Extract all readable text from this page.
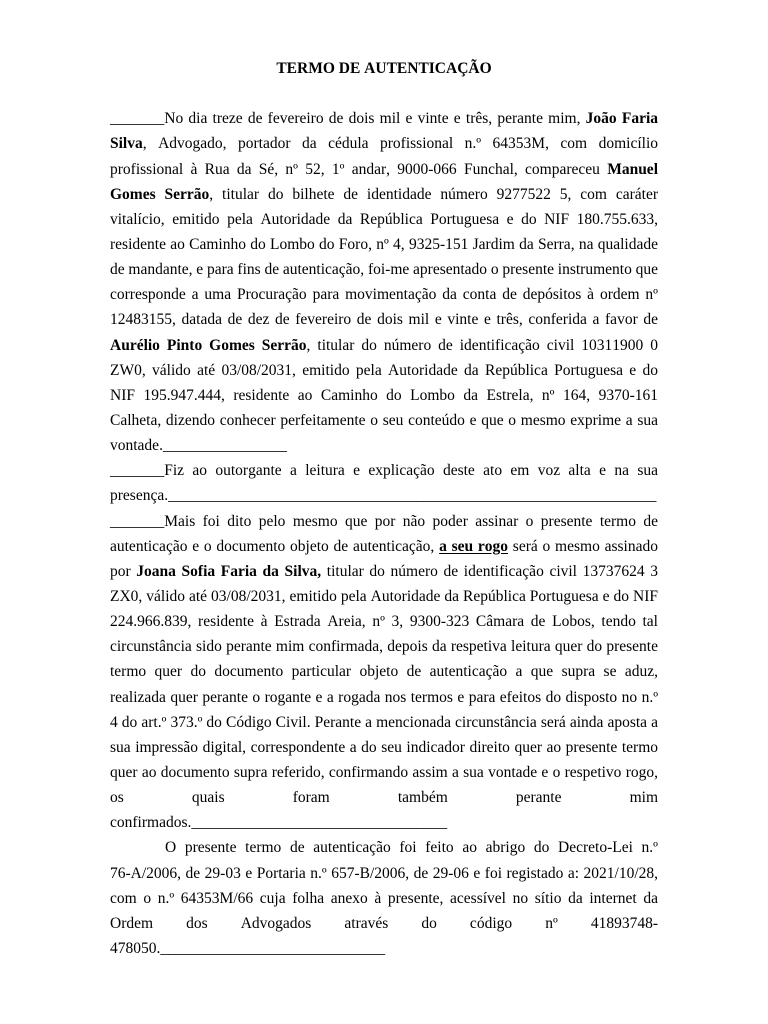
TERMO DE AUTENTICAÇÃO
_______No dia treze de fevereiro de dois mil e vinte e três, perante mim, João Faria
Silva, Advogado, portador da cédula profissional n.º 64353M, com domicílio
profissional à Rua da Sé, nº 52, 1º andar, 9000-066 Funchal, compareceu Manuel
Gomes Serrão, titular do bilhete de identidade número 9277522 5, com caráter
vitalício, emitido pela Autoridade da República Portuguesa e do NIF 180.755.633,
residente ao Caminho do Lombo do Foro, nº 4, 9325-151 Jardim da Serra, na qualidade
de mandante, e para fins de autenticação, foi-me apresentado o presente instrumento que
corresponde a uma Procuração para movimentação da conta de depósitos à ordem nº
12483155, datada de dez de fevereiro de dois mil e vinte e três, conferida a favor de
Aurélio Pinto Gomes Serrão, titular do número de identificação civil 10311900 0
ZW0, válido até 03/08/2031, emitido pela Autoridade da República Portuguesa e do
NIF 195.947.444, residente ao Caminho do Lombo da Estrela, nº 164, 9370-161
Calheta, dizendo conhecer perfeitamente o seu conteúdo e que o mesmo exprime a sua
vontade.________________
_______Fiz ao outorgante a leitura e explicação deste ato em voz alta e na sua
presença._______________________________________________________________
_______Mais foi dito pelo mesmo que por não poder assinar o presente termo de
autenticação e o documento objeto de autenticação, a seu rogo será o mesmo assinado
por Joana Sofia Faria da Silva, titular do número de identificação civil 13737624 3
ZX0, válido até 03/08/2031, emitido pela Autoridade da República Portuguesa e do NIF
224.966.839, residente à Estrada Areia, nº 3, 9300-323 Câmara de Lobos, tendo tal
circunstância sido perante mim confirmada, depois da respetiva leitura quer do presente
termo quer do documento particular objeto de autenticação a que supra se aduz,
realizada quer perante o rogante e a rogada nos termos e para efeitos do disposto no n.º
4 do art.º 373.º do Código Civil. Perante a mencionada circunstância será ainda aposta a
sua impressão digital, correspondente a do seu indicador direito quer ao presente termo
quer ao documento supra referido, confirmando assim a sua vontade e o respetivo rogo,
os quais foram também perante mim
confirmados._________________________________
O presente termo de autenticação foi feito ao abrigo do Decreto-Lei n.º
76-A/2006, de 29-03 e Portaria n.º 657-B/2006, de 29-06 e foi registado a: 2021/10/28,
com o n.º 64353M/66 cuja folha anexo à presente, acessível no sítio da internet da
Ordem dos Advogados através do código nº 41893748-
478050._____________________________
